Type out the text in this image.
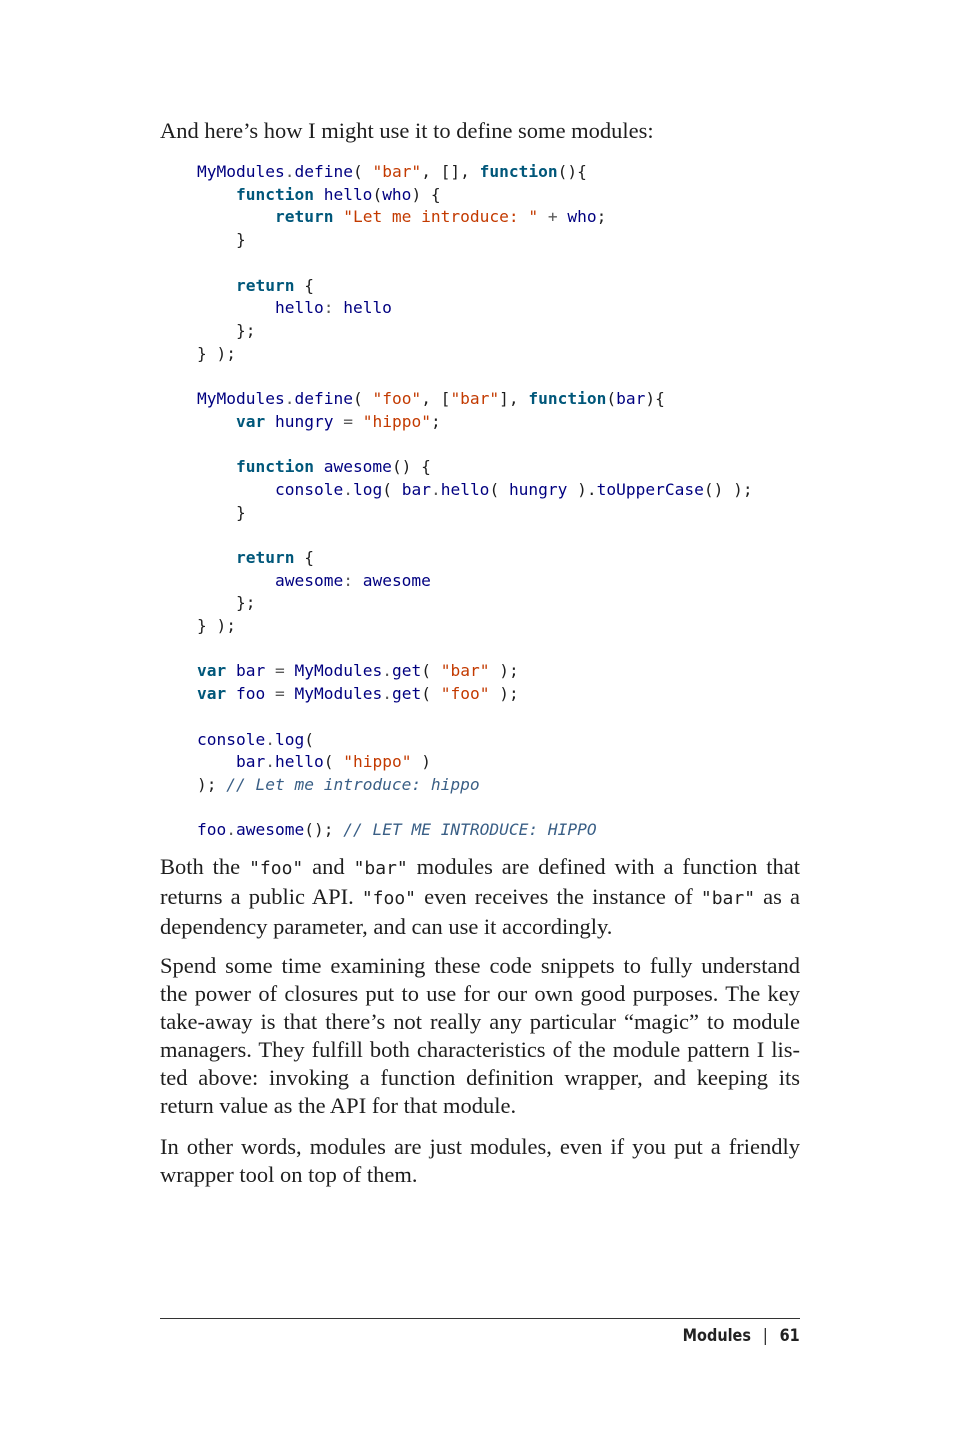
And here’s how I might use it to define some modules:

MyModules.define( "bar", [], function(){
function hello(who) {
return "Let me introduce: " + who;
}

return {
hello: hello
};
} );

MyModules.define( "foo", ["bar"], function(bar){
var hungry = "hippo";

function awesome() {
console.log( bar.hello( hungry ).toUpperCase() );
}

return {
awesome: awesome
};
} );

var bar = MyModules.get( "bar" );
var foo = MyModules.get( "foo" );

console.log(
bar.hello( "hippo" )
); // Let me introduce: hippo

foo.awesome(); // LET ME INTRODUCE: HIPPO

Both the "foo" and "bar" modules are defined with a function that returns a public API. "foo" even receives the instance of "bar" as a dependency parameter, and can use it accordingly.

Spend some time examining these code snippets to fully understand the power of closures put to use for our own good purposes. The key take-away is that there’s not really any particular “magic” to module managers. They fulfill both characteristics of the module pattern I listed above: invoking a function definition wrapper, and keeping its return value as the API for that module.

In other words, modules are just modules, even if you put a friendly wrapper tool on top of them.

Modules | 61
